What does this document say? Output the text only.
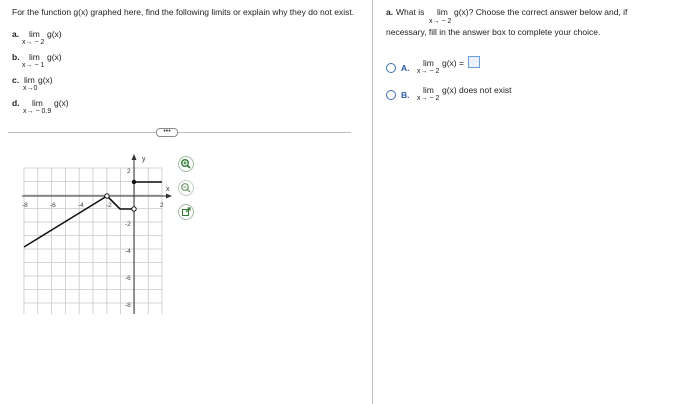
For the function g(x) graphed here, find the following limits or explain why they do not exist.
a. lim
x→ − 2
g(x)
b. lim
x→ − 1
g(x)
c. lim
x→0
g(x)
d. lim
x→ − 0.9
g(x)
•••
y
x
-8	-6	-4	-2	2
2
-2
-4
-6
-8
a. What is lim
x→ − 2
g(x)? Choose the correct answer below and, if
necessary, fill in the answer box to complete your choice.
A. lim
x→ − 2
g(x) =
B. lim
x→ − 2
g(x) does not exist
